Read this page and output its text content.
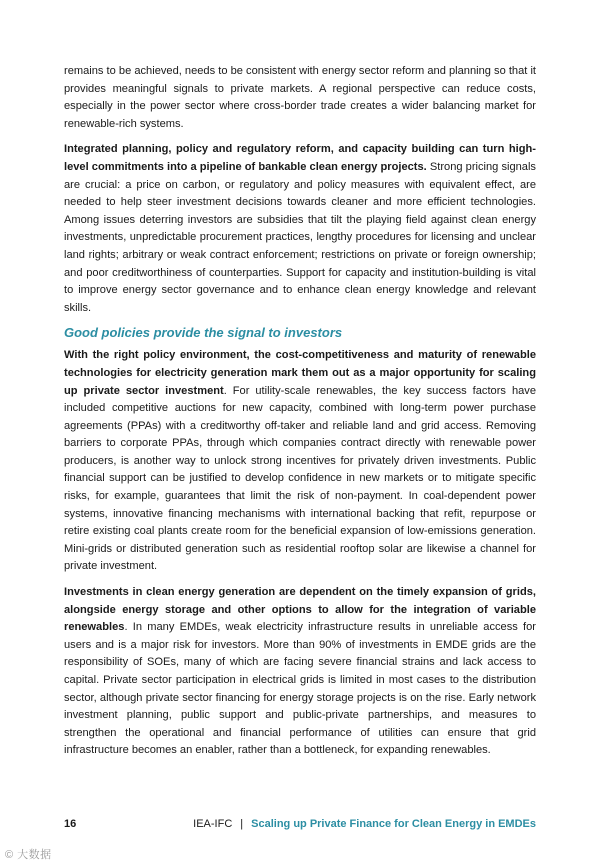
remains to be achieved, needs to be consistent with energy sector reform and planning so that it provides meaningful signals to private markets. A regional perspective can reduce costs, especially in the power sector where cross-border trade creates a wider balancing market for renewable-rich systems.

Integrated planning, policy and regulatory reform, and capacity building can turn high-level commitments into a pipeline of bankable clean energy projects. Strong pricing signals are crucial: a price on carbon, or regulatory and policy measures with equivalent effect, are needed to help steer investment decisions towards cleaner and more efficient technologies. Among issues deterring investors are subsidies that tilt the playing field against clean energy investments, unpredictable procurement practices, lengthy procedures for licensing and unclear land rights; arbitrary or weak contract enforcement; restrictions on private or foreign ownership; and poor creditworthiness of counterparties. Support for capacity and institution-building is vital to improve energy sector governance and to enhance clean energy knowledge and relevant skills.

Good policies provide the signal to investors

With the right policy environment, the cost-competitiveness and maturity of renewable technologies for electricity generation mark them out as a major opportunity for scaling up private sector investment. For utility-scale renewables, the key success factors have included competitive auctions for new capacity, combined with long-term power purchase agreements (PPAs) with a creditworthy off-taker and reliable land and grid access. Removing barriers to corporate PPAs, through which companies contract directly with renewable power producers, is another way to unlock strong incentives for privately driven investments. Public financial support can be justified to develop confidence in new markets or to mitigate specific risks, for example, guarantees that limit the risk of non-payment. In coal-dependent power systems, innovative financing mechanisms with international backing that refit, repurpose or retire existing coal plants create room for the beneficial expansion of low-emissions generation. Mini-grids or distributed generation such as residential rooftop solar are likewise a channel for private investment.

Investments in clean energy generation are dependent on the timely expansion of grids, alongside energy storage and other options to allow for the integration of variable renewables. In many EMDEs, weak electricity infrastructure results in unreliable access for users and is a major risk for investors. More than 90% of investments in EMDE grids are the responsibility of SOEs, many of which are facing severe financial strains and lack access to capital. Private sector participation in electrical grids is limited in most cases to the distribution sector, although private sector financing for energy storage projects is on the rise. Early network investment planning, public support and public-private partnerships, and measures to strengthen the operational and financial performance of utilities can ensure that grid infrastructure becomes an enabler, rather than a bottleneck, for expanding renewables.

16	IEA-IFC | Scaling up Private Finance for Clean Energy in EMDEs
© 大数据
